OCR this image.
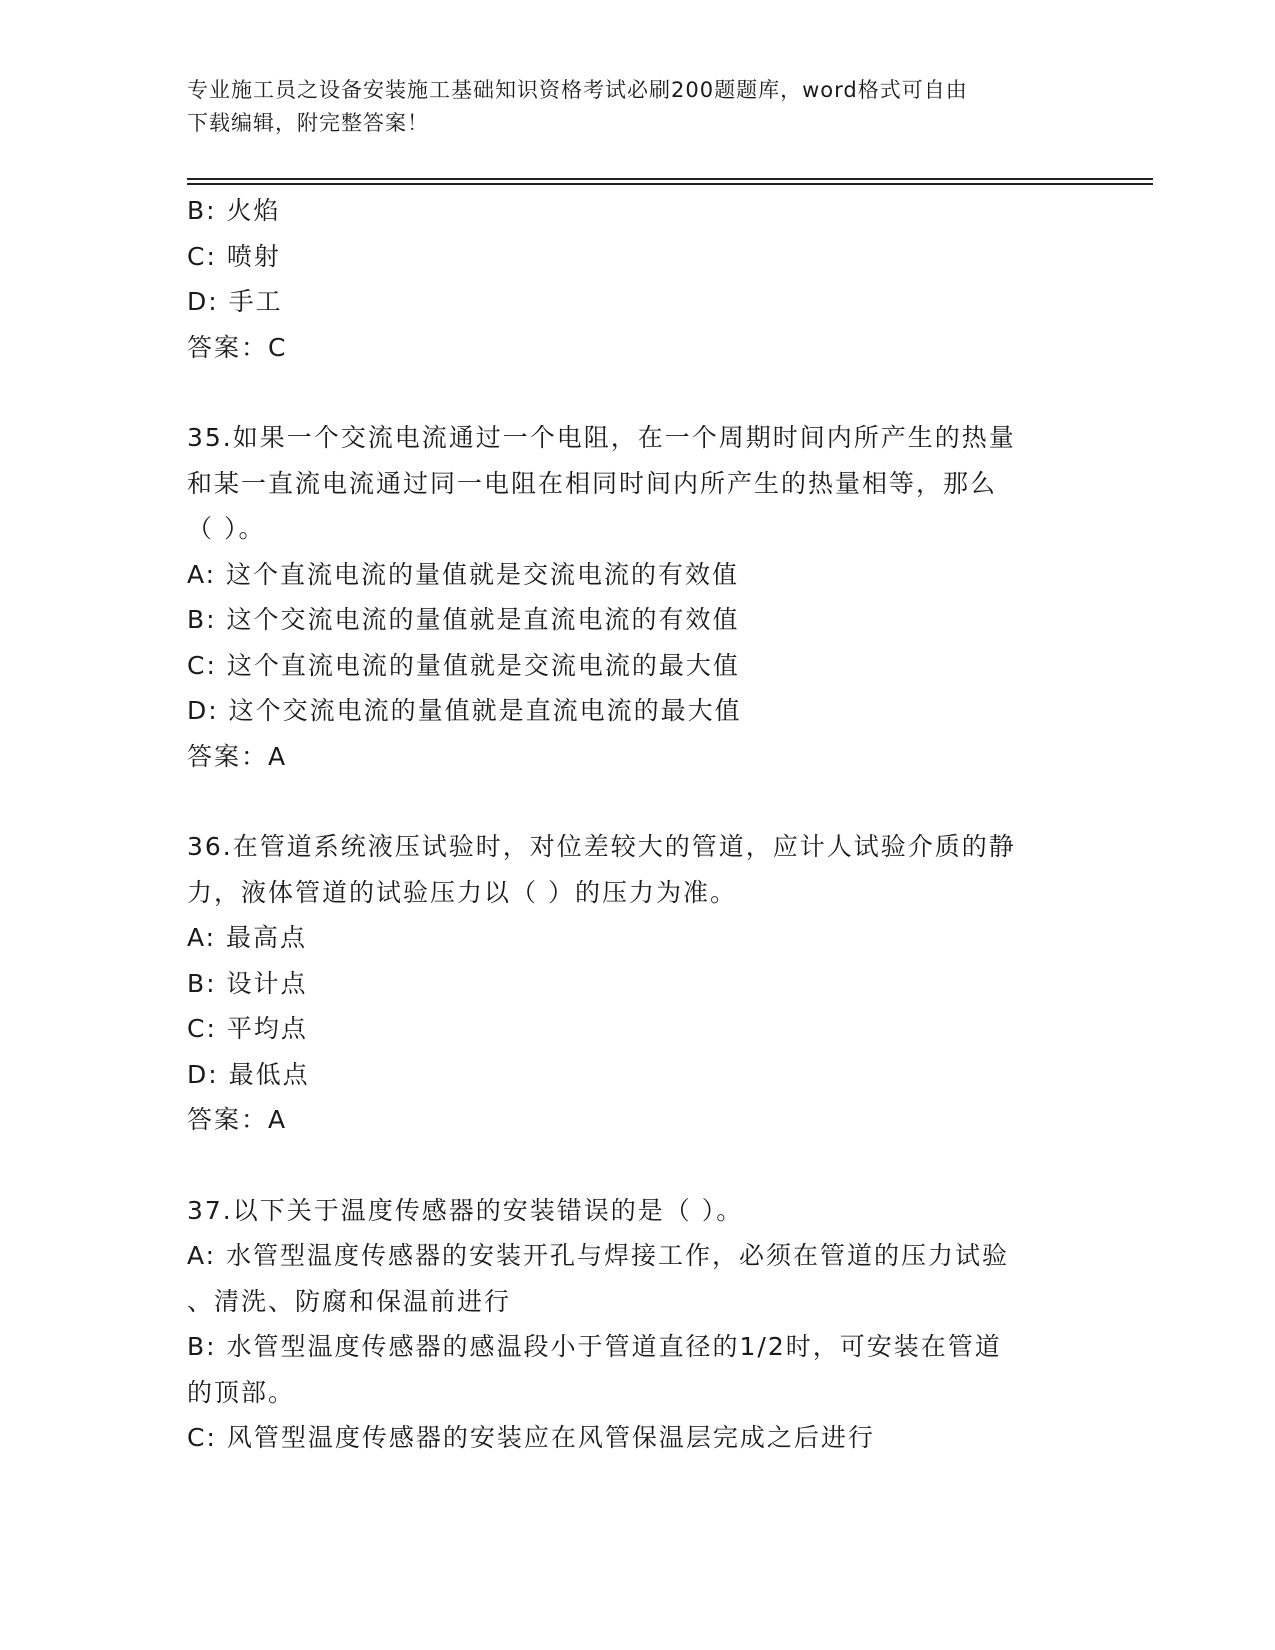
专业施工员之设备安装施工基础知识资格考试必刷200题题库，word格式可自由
下载编辑，附完整答案！
B: 火焰
C: 喷射
D: 手工
答案：C
35.如果一个交流电流通过一个电阻，在一个周期时间内所产生的热量
和某一直流电流通过同一电阻在相同时间内所产生的热量相等，那么
（ ）。
A: 这个直流电流的量值就是交流电流的有效值
B: 这个交流电流的量值就是直流电流的有效值
C: 这个直流电流的量值就是交流电流的最大值
D: 这个交流电流的量值就是直流电流的最大值
答案：A
36.在管道系统液压试验时，对位差较大的管道，应计人试验介质的静
力，液体管道的试验压力以（ ）的压力为准。
A: 最高点
B: 设计点
C: 平均点
D: 最低点
答案：A
37.以下关于温度传感器的安装错误的是（ ）。
A: 水管型温度传感器的安装开孔与焊接工作，必须在管道的压力试验
、清洗、防腐和保温前进行
B: 水管型温度传感器的感温段小于管道直径的1/2时，可安装在管道
的顶部。
C: 风管型温度传感器的安装应在风管保温层完成之后进行
